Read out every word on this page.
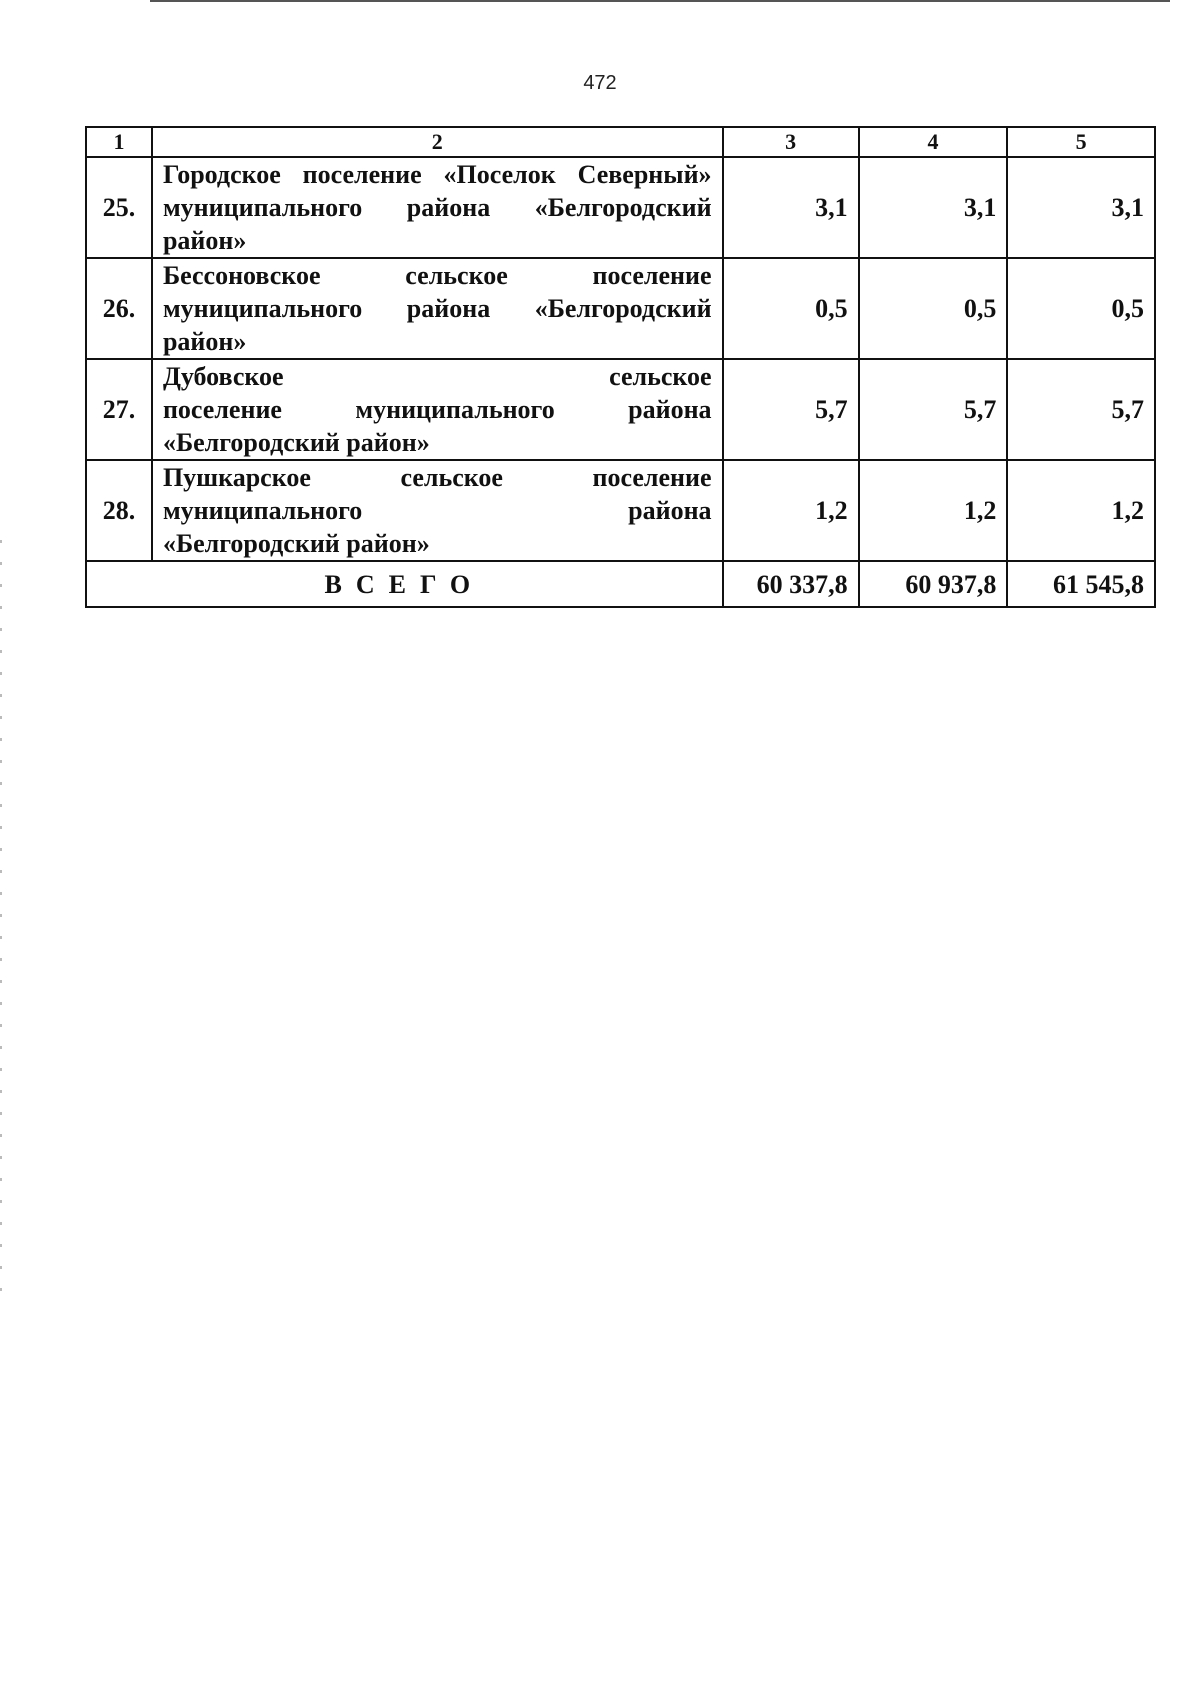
472
1	2	3	4	5
25.	Городское поселение «Поселок Северный»
муниципального района «Белгородский
район»	3,1	3,1	3,1
26.	Бессоновское сельское поселение
муниципального района «Белгородский
район»	0,5	0,5	0,5
27.	Дубовское сельское
поселение муниципального района
«Белгородский район»	5,7	5,7	5,7
28.	Пушкарское сельское поселение
муниципального района
«Белгородский район»	1,2	1,2	1,2
ВСЕГО		60 337,8	60 937,8	61 545,8
